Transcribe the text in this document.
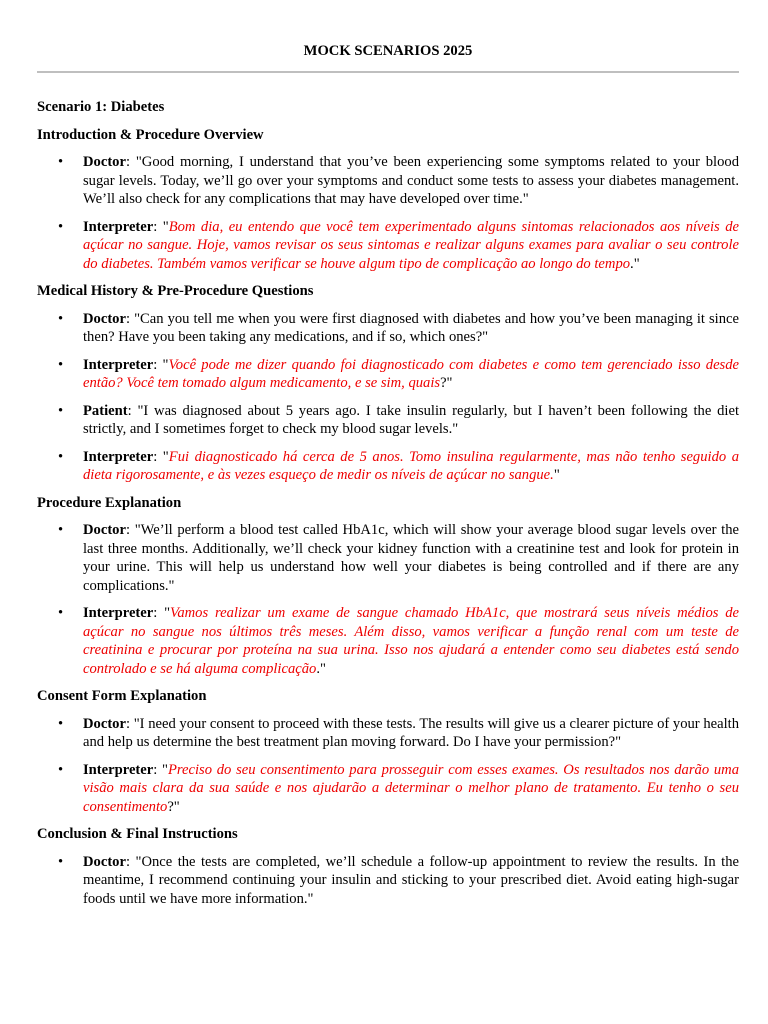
MOCK SCENARIOS 2025
Scenario 1: Diabetes
Introduction & Procedure Overview
• Doctor: "Good morning, I understand that you’ve been experiencing some symptoms related to your blood sugar levels. Today, we’ll go over your symptoms and conduct some tests to assess your diabetes management. We’ll also check for any complications that may have developed over time."
• Interpreter: "Bom dia, eu entendo que você tem experimentado alguns sintomas relacionados aos níveis de açúcar no sangue. Hoje, vamos revisar os seus sintomas e realizar alguns exames para avaliar o seu controle do diabetes. Também vamos verificar se houve algum tipo de complicação ao longo do tempo."
Medical History & Pre-Procedure Questions
• Doctor: "Can you tell me when you were first diagnosed with diabetes and how you’ve been managing it since then? Have you been taking any medications, and if so, which ones?"
• Interpreter: "Você pode me dizer quando foi diagnosticado com diabetes e como tem gerenciado isso desde então? Você tem tomado algum medicamento, e se sim, quais?"
• Patient: "I was diagnosed about 5 years ago. I take insulin regularly, but I haven’t been following the diet strictly, and I sometimes forget to check my blood sugar levels."
• Interpreter: "Fui diagnosticado há cerca de 5 anos. Tomo insulina regularmente, mas não tenho seguido a dieta rigorosamente, e às vezes esqueço de medir os níveis de açúcar no sangue."
Procedure Explanation
• Doctor: "We’ll perform a blood test called HbA1c, which will show your average blood sugar levels over the last three months. Additionally, we’ll check your kidney function with a creatinine test and look for protein in your urine. This will help us understand how well your diabetes is being controlled and if there are any complications."
• Interpreter: "Vamos realizar um exame de sangue chamado HbA1c, que mostrará seus níveis médios de açúcar no sangue nos últimos três meses. Além disso, vamos verificar a função renal com um teste de creatinina e procurar por proteína na sua urina. Isso nos ajudará a entender como seu diabetes está sendo controlado e se há alguma complicação."
Consent Form Explanation
• Doctor: "I need your consent to proceed with these tests. The results will give us a clearer picture of your health and help us determine the best treatment plan moving forward. Do I have your permission?"
• Interpreter: "Preciso do seu consentimento para prosseguir com esses exames. Os resultados nos darão uma visão mais clara da sua saúde e nos ajudarão a determinar o melhor plano de tratamento. Eu tenho o seu consentimento?"
Conclusion & Final Instructions
• Doctor: "Once the tests are completed, we’ll schedule a follow-up appointment to review the results. In the meantime, I recommend continuing your insulin and sticking to your prescribed diet. Avoid eating high-sugar foods until we have more information."
